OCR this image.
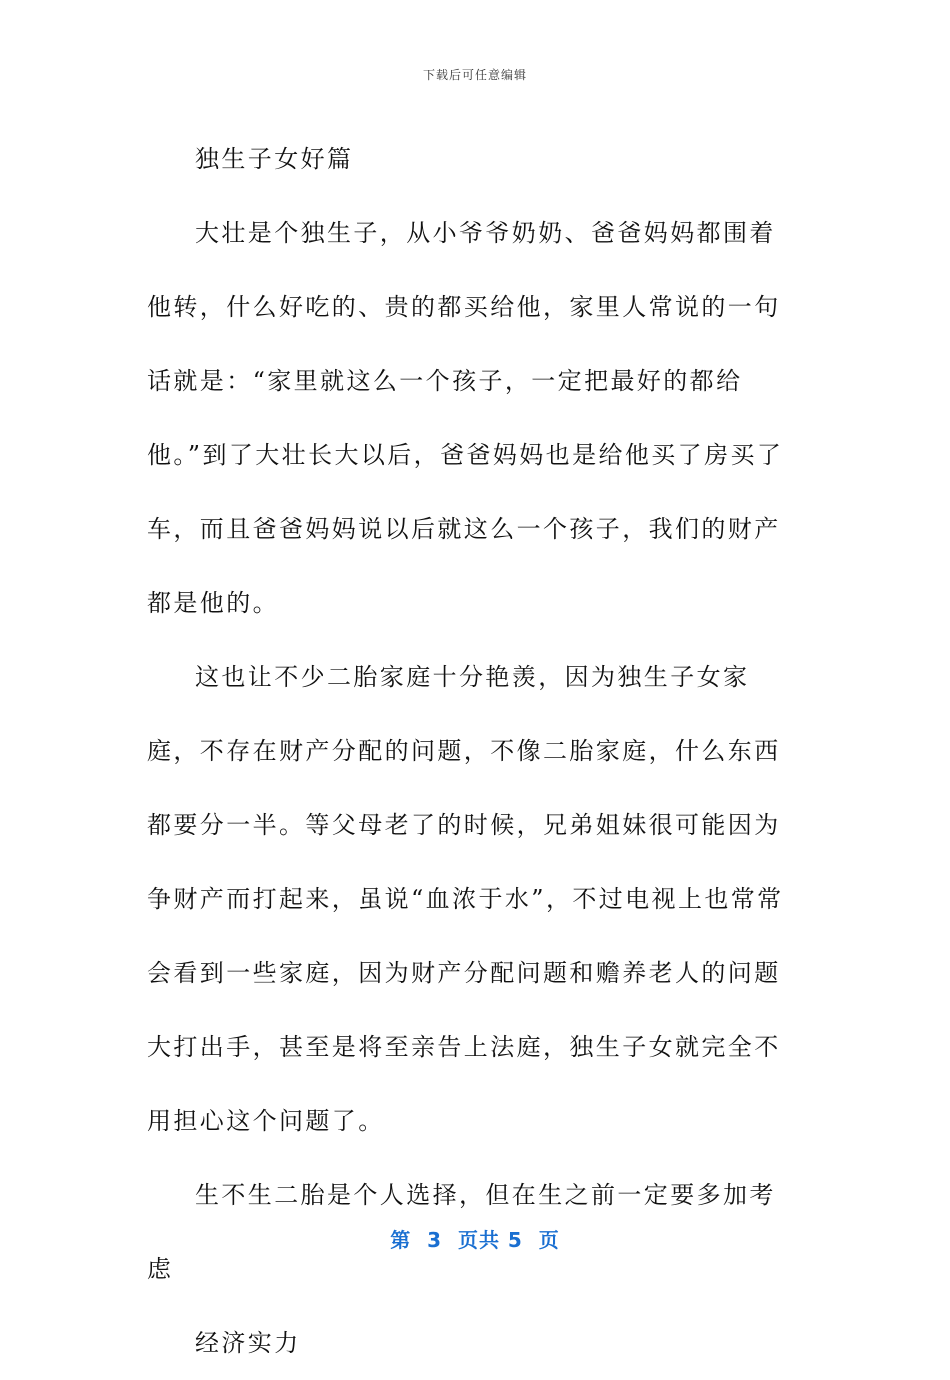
下载后可任意编辑

独生子女好篇

大壮是个独生子，从小爷爷奶奶、爸爸妈妈都围着他转，什么好吃的、贵的都买给他，家里人常说的一句话就是：“家里就这么一个孩子，一定把最好的都给他。”到了大壮长大以后，爸爸妈妈也是给他买了房买了车，而且爸爸妈妈说以后就这么一个孩子，我们的财产都是他的。

这也让不少二胎家庭十分艳羡，因为独生子女家庭，不存在财产分配的问题，不像二胎家庭，什么东西都要分一半。等父母老了的时候，兄弟姐妹很可能因为争财产而打起来，虽说“血浓于水”，不过电视上也常常会看到一些家庭，因为财产分配问题和赡养老人的问题大打出手，甚至是将至亲告上法庭，独生子女就完全不用担心这个问题了。

生不生二胎是个人选择，但在生之前一定要多加考虑

经济实力

第  3  页共 5  页
